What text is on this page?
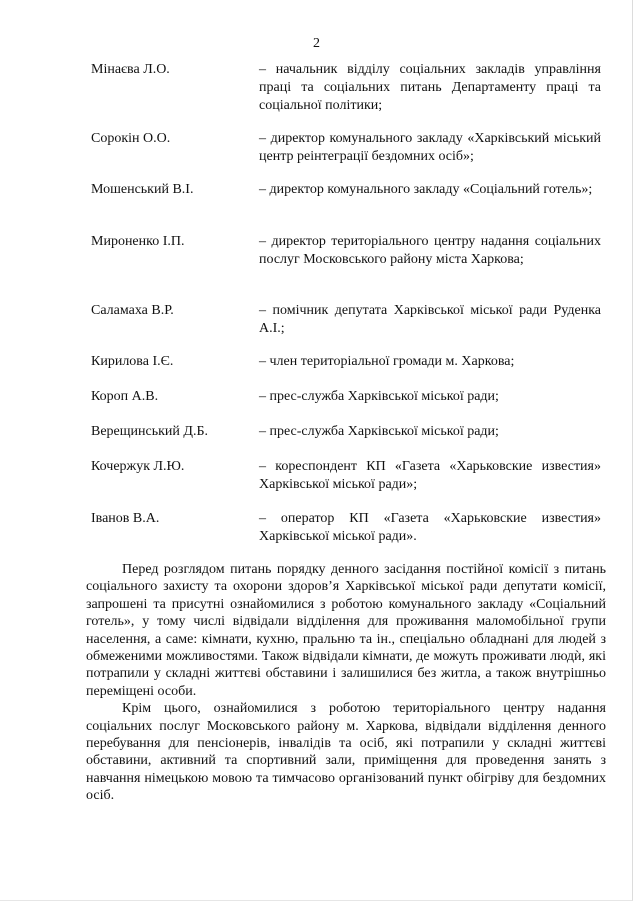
2
Мінаєва Л.О.	– начальник відділу соціальних закладів управління праці та соціальних питань Департаменту праці та соціальної політики;
Сорокін О.О.	– директор комунального закладу «Харківський міський центр реінтеграції бездомних осіб»;
Мошенський В.І.	– директор комунального закладу «Соціальний готель»;
Мироненко І.П.	– директор територіального центру надання соціальних послуг Московського району міста Харкова;
Саламаха В.Р.	– помічник депутата Харківської міської ради Руденка А.І.;
Кирилова І.Є.	– член територіальної громади м. Харкова;
Короп А.В.	– прес-служба Харківської міської ради;
Верещинський Д.Б.	– прес-служба Харківської міської ради;
Кочержук Л.Ю.	– кореспондент КП «Газета «Харьковские известия» Харківської міської ради»;
Іванов В.А.	– оператор КП «Газета «Харьковские известия» Харківської міської ради».

Перед розглядом питань порядку денного засідання постійної комісії з питань соціального захисту та охорони здоров’я Харківської міської ради депутати комісії, запрошені та присутні ознайомилися з роботою комунального закладу «Соціальний готель», у тому числі відвідали відділення для проживання маломобільної групи населення, а саме: кімнати, кухню, пральню та ін., спеціально обладнані для людей з обмеженими можливостями. Також відвідали кімнати, де можуть проживати людѝ, які потрапили у складні життєві обставини і залишилися без житла, а також внутрішньо переміщені особи.

Крім цього, ознайомилися з роботою територіального центру надання соціальних послуг Московського району м. Харкова, відвідали відділення денного перебування для пенсіонерів, інвалідів та осіб, які потрапили у складні життєві обставини, активний та спортивний зали, приміщення для проведення занять з навчання німецькою мовою та тимчасово організований пункт обігріву для бездомних осіб.
